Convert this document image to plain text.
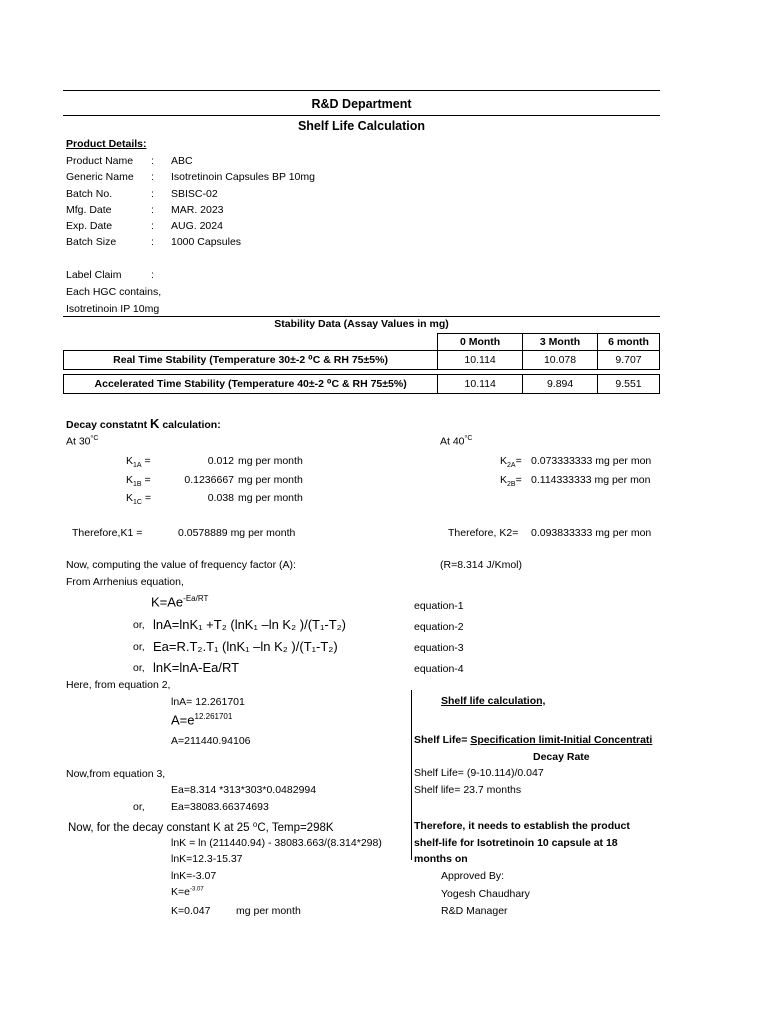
R&D Department
Shelf Life Calculation
Product Details:
Product Name : ABC
Generic Name : Isotretinoin Capsules BP 10mg
Batch No.	: SBISC-02
Mfg. Date	: MAR. 2023
Exp. Date	: AUG. 2024
Batch Size	: 1000 Capsules
Label Claim	:
Each HGC contains,
Isotretinoin IP 10mg
Stability Data (Assay Values in mg)
	0 Month	3 Month	6 month
Real Time Stability (Temperature 30±-2 ⁰C & RH 75±5%)	10.114	10.078	9.707
Accelerated Time Stability (Temperature 40±-2 ⁰C & RH 75±5%)	10.114	9.894	9.551
Decay constatnt K calculation:
At $30^{^0C}$	At $40^{^0C}$
$K_{1A}$ =	0.012 mg per month
$K_{1B}$ =	0.1236667 mg per month
$K_{1C}$ =	0.038 mg per month
$K_{2A}= 0.073333333$ mg per mon
$K_{2B}= 0.114333333$ mg per mon
Therefore,K1 =	0.0578889 mg per month	Therefore, K2= 0.093833333 mg per mon
Now, computing the value of frequency factor (A):	(R=8.314 J/Kmol)
From Arrhenius equation,
$K=Ae^{-Ea/RT}$
equation-1
or, lnA=lnK₁ +T₂ (lnK₁ –ln K₂ )/(T₁-T₂)	equation-2
or, Ea=R.T₂.T₁ (lnK₁ –ln K₂ )/(T₁-T₂)	equation-3
or, lnK=lnA-Ea/RT	equation-4
Here, from equation 2,
lnA= 12.261701
$A=e^{12.261701}$
A=211440.94106
Now,from equation 3,
Ea=8.314 *313*303*0.0482994
or,	Ea=38083.66374693
Now, for the decay constant K at 25 ⁰C, Temp=298K
lnK = ln (211440.94) - 38083.663/(8.314*298)
lnK=12.3-15.37
lnK=-3.07
$K=e^{-3.07}$
K=0.047 mg per month
Shelf life calculation,
Shelf Life= Specification limit-Initial Concentrati
Decay Rate
Shelf Life= (9-10.114)/0.047
Shelf life= 23.7 months
Therefore, it needs to establish the product
shelf-life for Isotretinoin 10 capsule at 18
months on
Approved By:
Yogesh Chaudhary
R&D Manager
